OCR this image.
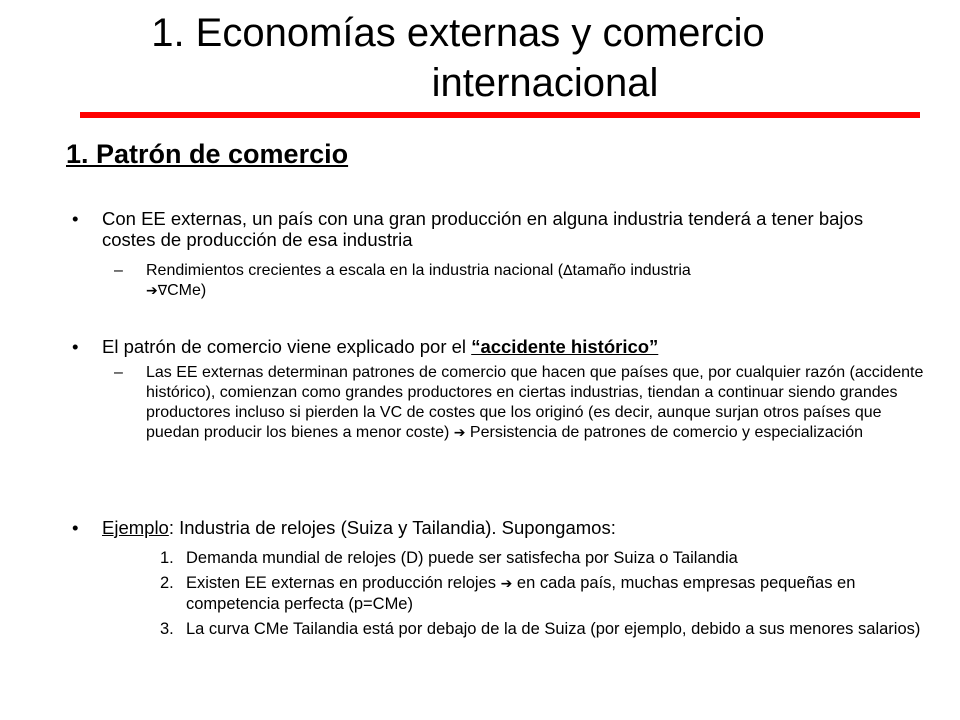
1. Economías externas y comercio
internacional
1. Patrón de comercio
• Con EE externas, un país con una gran producción en alguna industria tenderá a tener bajos costes de producción de esa industria
– Rendimientos crecientes a escala en la industria nacional (∆tamaño industria
➔∇CMe)
• El patrón de comercio viene explicado por el “accidente histórico”
– Las EE externas determinan patrones de comercio que hacen que países que, por cualquier razón (accidente histórico), comienzan como grandes productores en ciertas industrias, tiendan a continuar siendo grandes productores incluso si pierden la VC de costes que los originó (es decir, aunque surjan otros países que puedan producir los bienes a menor coste) ➔ Persistencia de patrones de comercio y especialización
• Ejemplo: Industria de relojes (Suiza y Tailandia). Supongamos:
1. Demanda mundial de relojes (D) puede ser satisfecha por Suiza o Tailandia
2. Existen EE externas en producción relojes ➔ en cada país, muchas empresas pequeñas en competencia perfecta (p=CMe)
3. La curva CMe Tailandia está por debajo de la de Suiza (por ejemplo, debido a sus menores salarios)
